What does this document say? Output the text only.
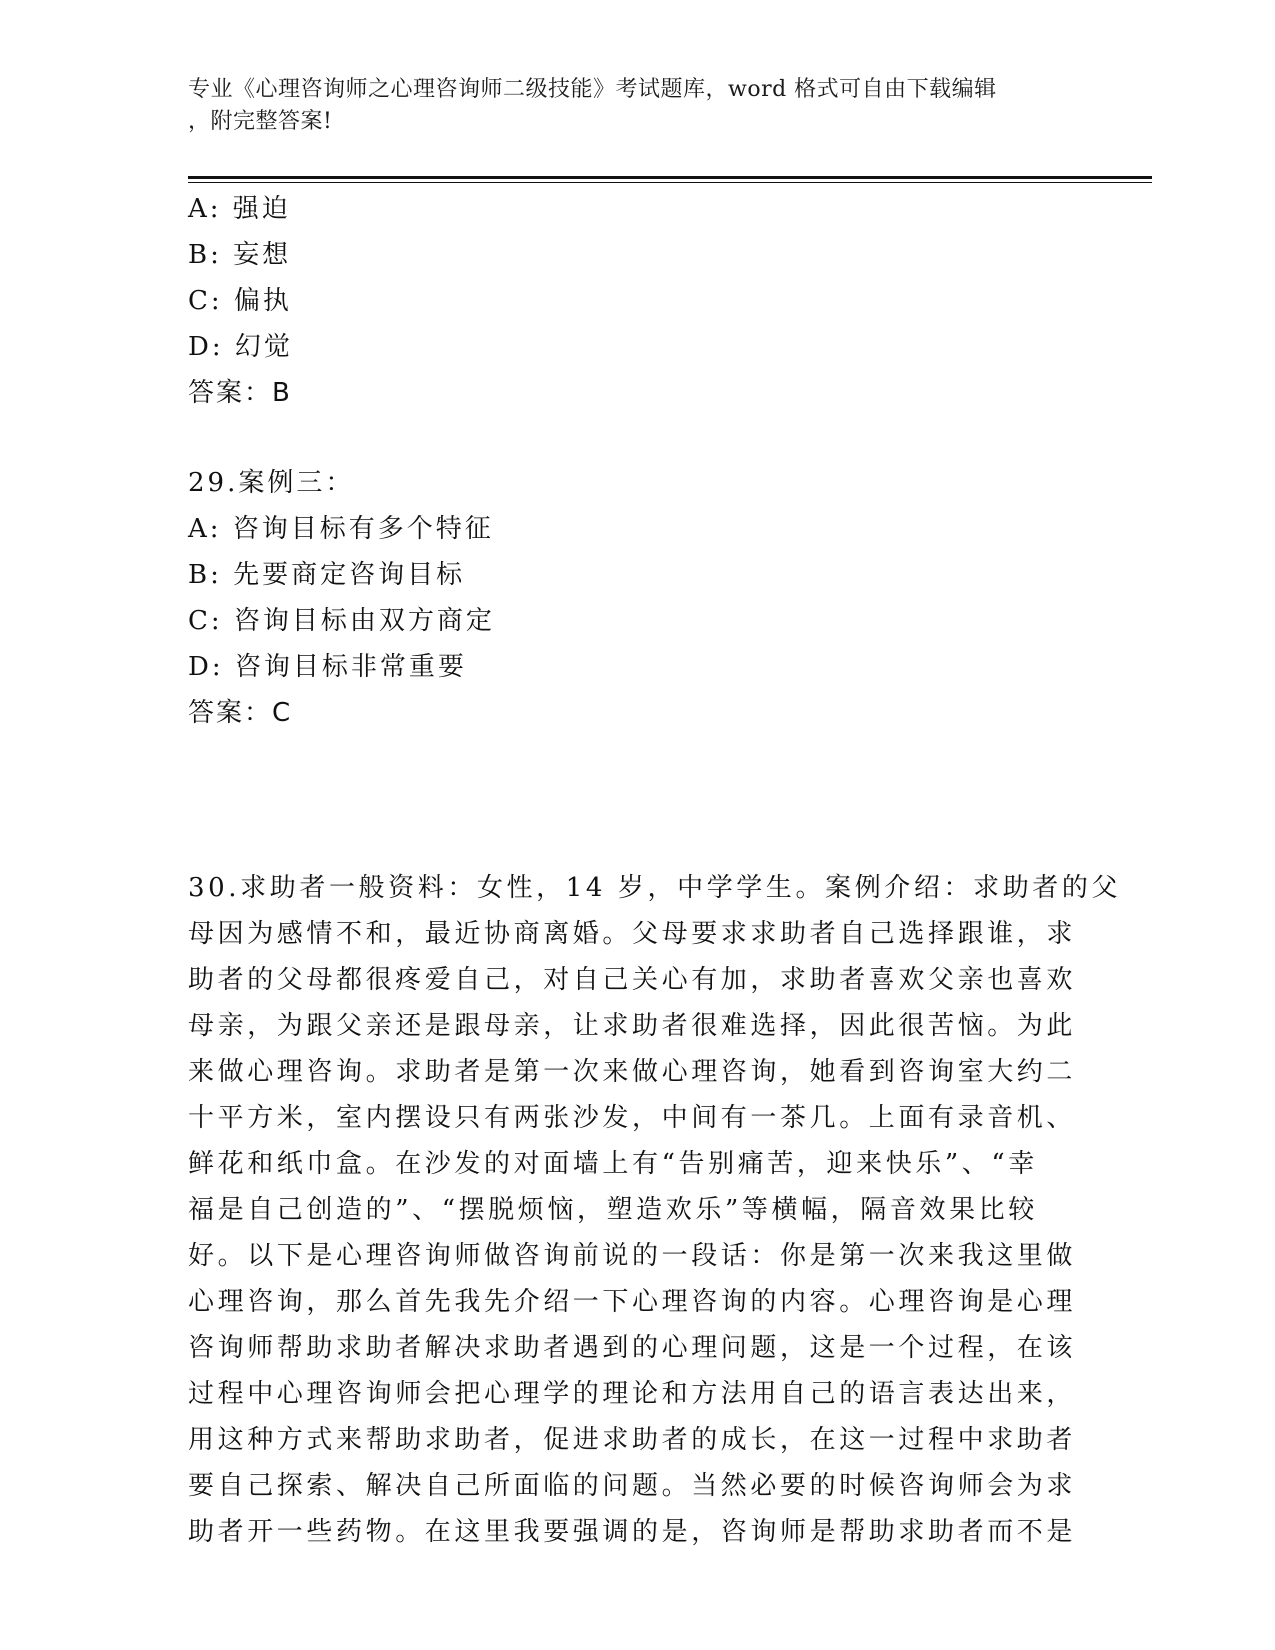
专业《心理咨询师之心理咨询师二级技能》考试题库，word 格式可自由下载编辑
，附完整答案!
A: 强迫
B: 妄想
C: 偏执
D: 幻觉
答案：B
29.案例三：
A: 咨询目标有多个特征
B: 先要商定咨询目标
C: 咨询目标由双方商定
D: 咨询目标非常重要
答案：C
30.求助者一般资料：女性，14 岁，中学学生。案例介绍：求助者的父
母因为感情不和，最近协商离婚。父母要求求助者自己选择跟谁，求
助者的父母都很疼爱自己，对自己关心有加，求助者喜欢父亲也喜欢
母亲，为跟父亲还是跟母亲，让求助者很难选择，因此很苦恼。为此
来做心理咨询。求助者是第一次来做心理咨询，她看到咨询室大约二
十平方米，室内摆设只有两张沙发，中间有一茶几。上面有录音机、
鲜花和纸巾盒。在沙发的对面墙上有“告别痛苦，迎来快乐”、“幸
福是自己创造的”、“摆脱烦恼，塑造欢乐”等横幅，隔音效果比较
好。以下是心理咨询师做咨询前说的一段话：你是第一次来我这里做
心理咨询，那么首先我先介绍一下心理咨询的内容。心理咨询是心理
咨询师帮助求助者解决求助者遇到的心理问题，这是一个过程，在该
过程中心理咨询师会把心理学的理论和方法用自己的语言表达出来，
用这种方式来帮助求助者，促进求助者的成长，在这一过程中求助者
要自己探索、解决自己所面临的问题。当然必要的时候咨询师会为求
助者开一些药物。在这里我要强调的是，咨询师是帮助求助者而不是
